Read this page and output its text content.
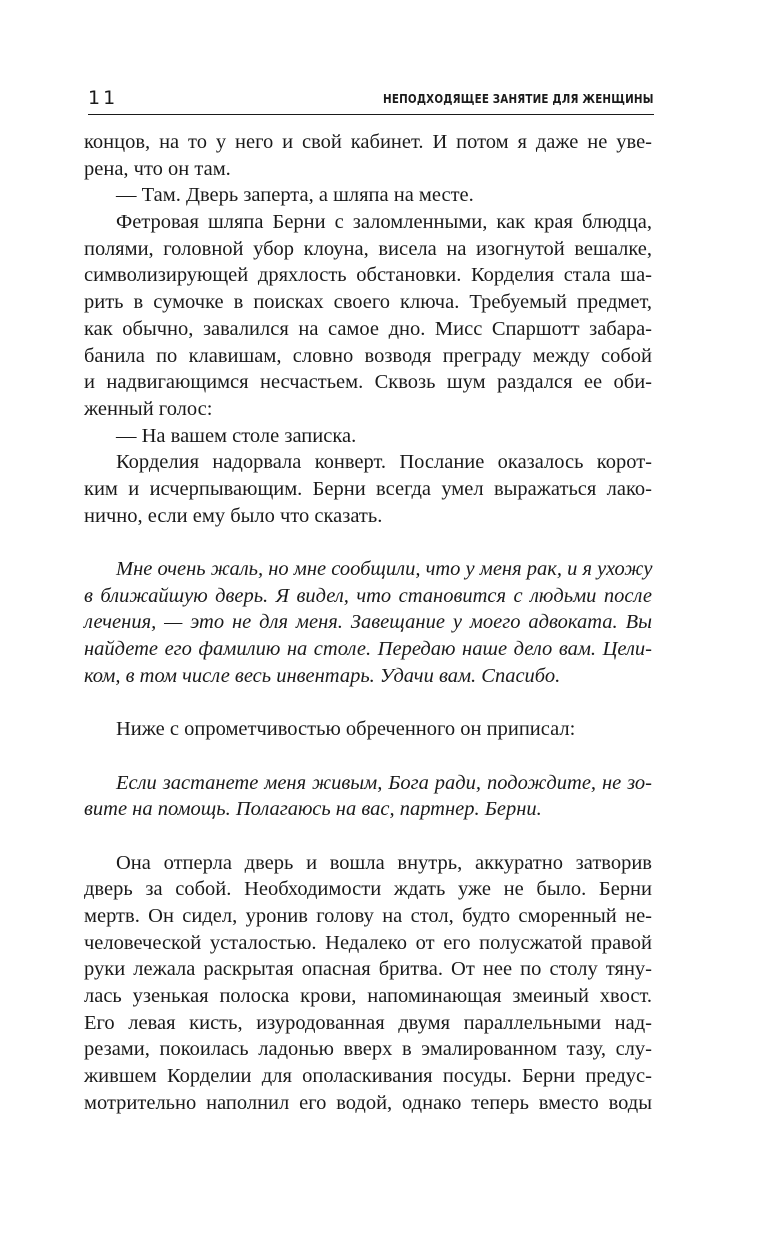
11	НЕПОДХОДЯЩЕЕ ЗАНЯТИЕ ДЛЯ ЖЕНЩИНЫ
концов, на то у него и свой кабинет. И потом я даже не уве-
рена, что он там.
— Там. Дверь заперта, а шляпа на месте.
Фетровая шляпа Берни с заломленными, как края блюдца,
полями, головной убор клоуна, висела на изогнутой вешалке,
символизирующей дряхлость обстановки. Корделия стала ша-
рить в сумочке в поисках своего ключа. Требуемый предмет,
как обычно, завалился на самое дно. Мисс Спаршотт забара-
банила по клавишам, словно возводя преграду между собой
и надвигающимся несчастьем. Сквозь шум раздался ее оби-
женный голос:
— На вашем столе записка.
Корделия надорвала конверт. Послание оказалось корот-
ким и исчерпывающим. Берни всегда умел выражаться лако-
нично, если ему было что сказать.
Мне очень жаль, но мне сообщили, что у меня рак, и я ухожу
в ближайшую дверь. Я видел, что становится с людьми после
лечения, — это не для меня. Завещание у моего адвоката. Вы
найдете его фамилию на столе. Передаю наше дело вам. Цели-
ком, в том числе весь инвентарь. Удачи вам. Спасибо.
Ниже с опрометчивостью обреченного он приписал:
Если застанете меня живым, Бога ради, подождите, не зо-
вите на помощь. Полагаюсь на вас, партнер. Берни.
Она отперла дверь и вошла внутрь, аккуратно затворив
дверь за собой. Необходимости ждать уже не было. Берни
мертв. Он сидел, уронив голову на стол, будто сморенный не-
человеческой усталостью. Недалеко от его полусжатой правой
руки лежала раскрытая опасная бритва. От нее по столу тяну-
лась узенькая полоска крови, напоминающая змеиный хвост.
Его левая кисть, изуродованная двумя параллельными над-
резами, покоилась ладонью вверх в эмалированном тазу, слу-
жившем Корделии для ополаскивания посуды. Берни предус-
мотрительно наполнил его водой, однако теперь вместо воды
